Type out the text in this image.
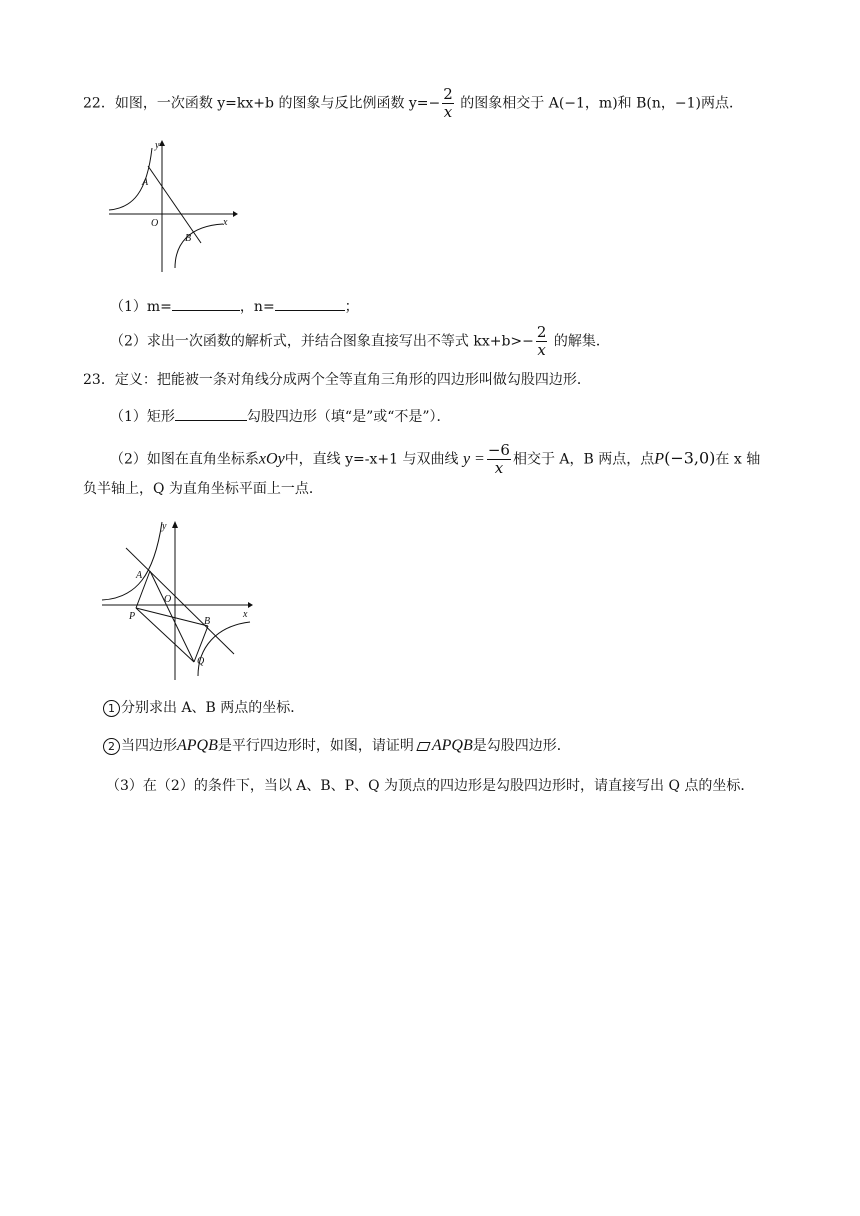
22．如图，一次函数 y=kx+b 的图象与反比例函数 $y=- \frac{2}{x}$ 的图象相交于 A(−1，m)和 B(n，−1)两点．
y
x
O
A
B
（1）m=	，n=	；
（2）求出一次函数的解析式，并结合图象直接写出不等式 $kx+b>- \frac{2}{x}$ 的解集．
23．定义：把能被一条对角线分成两个全等直角三角形的四边形叫做勾股四边形．
（1）矩形	勾股四边形（填“是”或“不是”）．
（2）如图在直角坐标系xOy中，直线 y=-x+1 与双曲线 $y = \frac{-6}{x}$ 相交于 A，B 两点，点P(−3,0)在 x 轴
负半轴上，Q 为直角坐标平面上一点．
y
x
O
A
B
P
Q
1 分别求出 A、B 两点的坐标．
2 当四边形APQB是平行四边形时，如图，请证明 APQB是勾股四边形．
（3）在（2）的条件下，当以 A、B、P、Q 为顶点的四边形是勾股四边形时，请直接写出 Q 点的坐标．
